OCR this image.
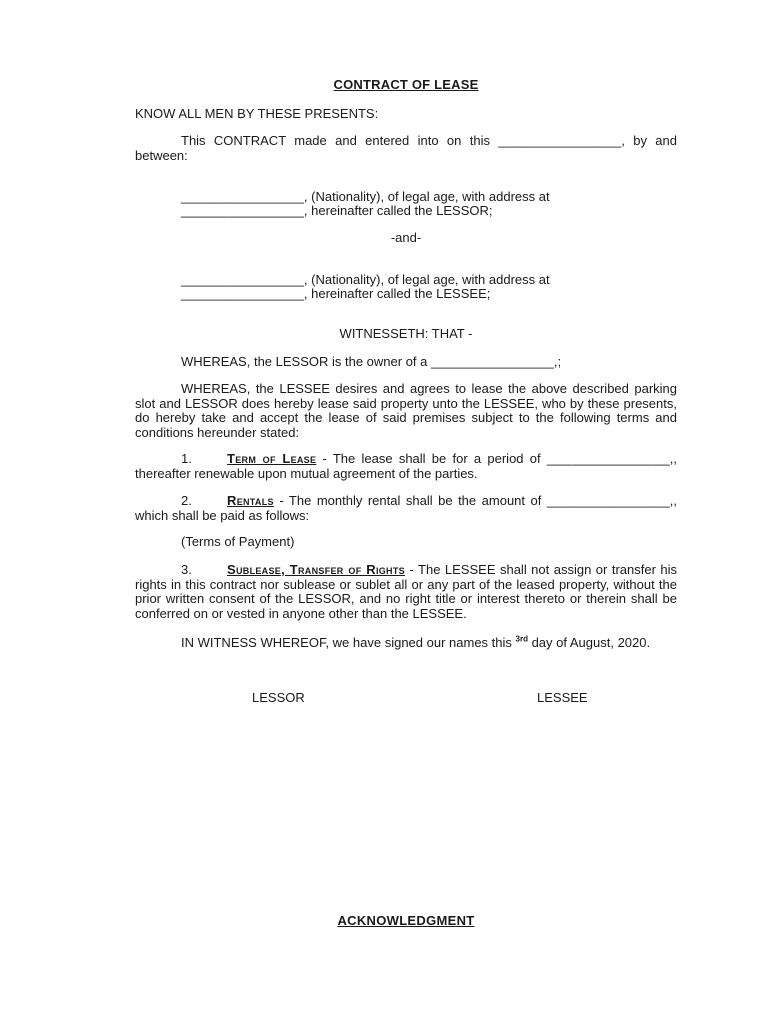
CONTRACT OF LEASE
KNOW ALL MEN BY THESE PRESENTS:
This CONTRACT made and entered into on this _________________, by and between:
_________________, (Nationality), of legal age, with address at
_________________, hereinafter called the LESSOR;
-and-
_________________, (Nationality), of legal age, with address at
_________________, hereinafter called the LESSEE;
WITNESSETH: THAT -
WHEREAS, the LESSOR is the owner of a _________________,;
WHEREAS, the LESSEE desires and agrees to lease the above described parking slot and LESSOR does hereby lease said property unto the LESSEE, who by these presents, do hereby take and accept the lease of said premises subject to the following terms and conditions hereunder stated:
1.	Term of Lease - The lease shall be for a period of _________________,, thereafter renewable upon mutual agreement of the parties.
2.	Rentals - The monthly rental shall be the amount of _________________,, which shall be paid as follows:
(Terms of Payment)
3.	Sublease, Transfer of Rights - The LESSEE shall not assign or transfer his rights in this contract nor sublease or sublet all or any part of the leased property, without the prior written consent of the LESSOR, and no right title or interest thereto or therein shall be conferred on or vested in anyone other than the LESSEE.
IN WITNESS WHEREOF, we have signed our names this $^{3rd}$ day of August, 2020.
LESSOR	LESSEE
ACKNOWLEDGMENT
